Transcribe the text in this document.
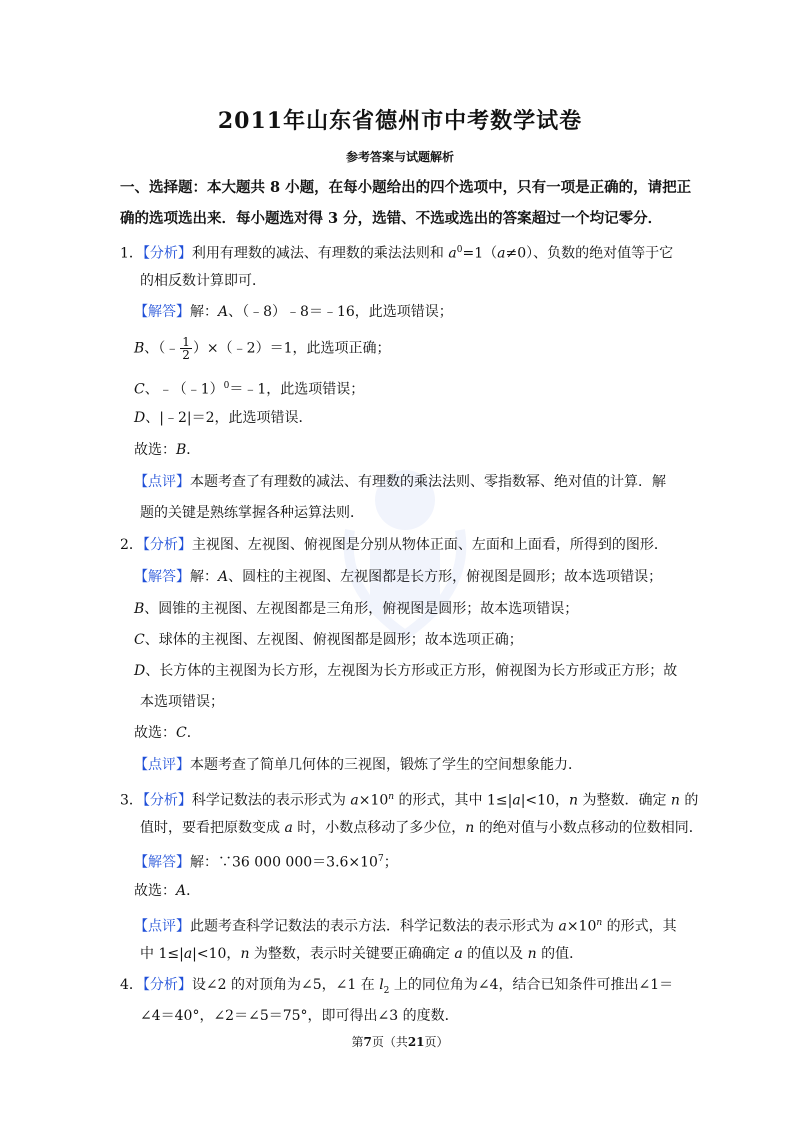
2011年山东省德州市中考数学试卷
参考答案与试题解析
一、选择题：本大题共 8 小题，在每小题给出的四个选项中，只有一项是正确的，请把正
确的选项选出来．每小题选对得 3 分，选错、不选或选出的答案超过一个均记零分．
1．【分析】利用有理数的减法、有理数的乘法法则和 $a^0=1(a\ne 0)$、负数的绝对值等于它
的相反数计算即可．
【解答】解：A、（﹣8）﹣8＝﹣16，此选项错误；
B、（﹣ $\frac{1}{2}$ ）×（﹣2）＝1，此选项正确；
C、﹣（﹣1）$^0$＝﹣1，此选项错误；
D、|﹣2|＝2，此选项错误．
故选：B．
【点评】本题考查了有理数的减法、有理数的乘法法则、零指数幂、绝对值的计算．解
题的关键是熟练掌握各种运算法则．
2．【分析】主视图、左视图、俯视图是分别从物体正面、左面和上面看，所得到的图形．
【解答】解：A、圆柱的主视图、左视图都是长方形，俯视图是圆形；故本选项错误；
B、圆锥的主视图、左视图都是三角形，俯视图是圆形；故本选项错误；
C、球体的主视图、左视图、俯视图都是圆形；故本选项正确；
D、长方体的主视图为长方形，左视图为长方形或正方形，俯视图为长方形或正方形；故
本选项错误；
故选：C．
【点评】本题考查了简单几何体的三视图，锻炼了学生的空间想象能力．
3．【分析】科学记数法的表示形式为 $a\times 10^n$ 的形式，其中 1≤|a|<10，n 为整数．确定 n 的
值时，要看把原数变成 a 时，小数点移动了多少位，n 的绝对值与小数点移动的位数相同．
【解答】解：∵36 000 $000=3.6\times 10^7$；
故选：A．
【点评】此题考查科学记数法的表示方法．科学记数法的表示形式为 $a\times 10^n$ 的形式，其
中 1≤|a|<10，n 为整数，表示时关键要正确确定 a 的值以及 n 的值．
4．【分析】设∠2 的对顶角为∠5，∠1 在 $l_2$ 上的同位角为∠4，结合已知条件可推出∠1＝
∠4＝40°，∠2＝∠5＝75°，即可得出∠3 的度数．
第7页（共21页）
